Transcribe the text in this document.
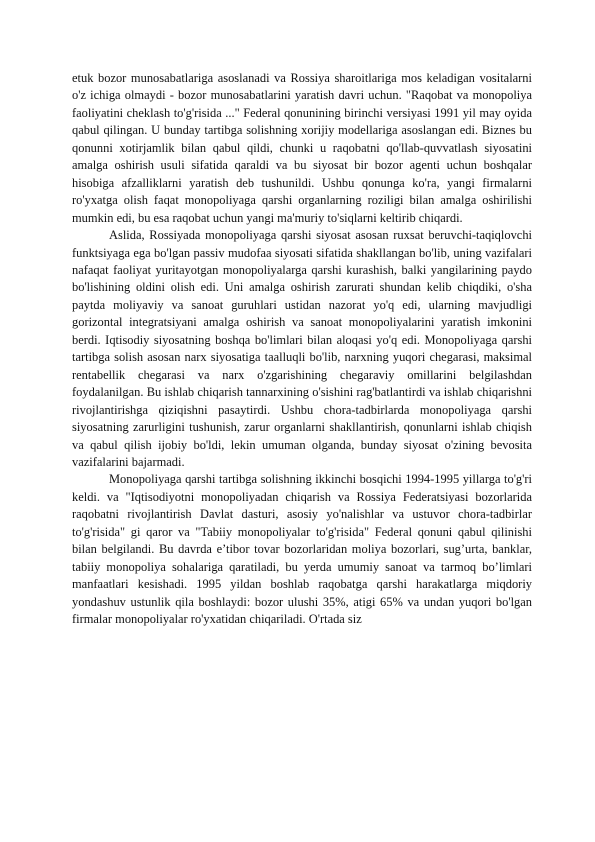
etuk bozor munosabatlariga asoslanadi va Rossiya sharoitlariga mos keladigan vositalarni o'z ichiga olmaydi - bozor munosabatlarini yaratish davri uchun. "Raqobat va monopoliya faoliyatini cheklash to'g'risida ..." Federal qonunining birinchi versiyasi 1991 yil may oyida qabul qilingan. U bunday tartibga solishning xorijiy modellariga asoslangan edi. Biznes bu qonunni xotirjamlik bilan qabul qildi, chunki u raqobatni qo'llab-quvvatlash siyosatini amalga oshirish usuli sifatida qaraldi va bu siyosat bir bozor agenti uchun boshqalar hisobiga afzalliklarni yaratish deb tushunildi. Ushbu qonunga ko'ra, yangi firmalarni ro'yxatga olish faqat monopoliyaga qarshi organlarning roziligi bilan amalga oshirilishi mumkin edi, bu esa raqobat uchun yangi ma'muriy to'siqlarni keltirib chiqardi.

Aslida, Rossiyada monopoliyaga qarshi siyosat asosan ruxsat beruvchi-taqiqlovchi funktsiyaga ega bo'lgan passiv mudofaa siyosati sifatida shakllangan bo'lib, uning vazifalari nafaqat faoliyat yuritayotgan monopoliyalarga qarshi kurashish, balki yangilarining paydo bo'lishining oldini olish edi. Uni amalga oshirish zarurati shundan kelib chiqdiki, o'sha paytda moliyaviy va sanoat guruhlari ustidan nazorat yo'q edi, ularning mavjudligi gorizontal integratsiyani amalga oshirish va sanoat monopoliyalarini yaratish imkonini berdi. Iqtisodiy siyosatning boshqa bo'limlari bilan aloqasi yo'q edi. Monopoliyaga qarshi tartibga solish asosan narx siyosatiga taalluqli bo'lib, narxning yuqori chegarasi, maksimal rentabellik chegarasi va narx o'zgarishining chegaraviy omillarini belgilashdan foydalanilgan. Bu ishlab chiqarish tannarxining o'sishini rag'batlantirdi va ishlab chiqarishni rivojlantirishga qiziqishni pasaytirdi. Ushbu chora-tadbirlarda monopoliyaga qarshi siyosatning zarurligini tushunish, zarur organlarni shakllantirish, qonunlarni ishlab chiqish va qabul qilish ijobiy bo'ldi, lekin umuman olganda, bunday siyosat o'zining bevosita vazifalarini bajarmadi.

Monopoliyaga qarshi tartibga solishning ikkinchi bosqichi 1994-1995 yillarga to'g'ri keldi. va "Iqtisodiyotni monopoliyadan chiqarish va Rossiya Federatsiyasi bozorlarida raqobatni rivojlantirish Davlat dasturi, asosiy yo'nalishlar va ustuvor chora-tadbirlar to'g'risida" gi qaror va "Tabiiy monopoliyalar to'g'risida" Federal qonuni qabul qilinishi bilan belgilandi. Bu davrda e’tibor tovar bozorlaridan moliya bozorlari, sug’urta, banklar, tabiiy monopoliya sohalariga qaratiladi, bu yerda umumiy sanoat va tarmoq bo’limlari manfaatlari kesishadi. 1995 yildan boshlab raqobatga qarshi harakatlarga miqdoriy yondashuv ustunlik qila boshlaydi: bozor ulushi 35%, atigi 65% va undan yuqori bo'lgan firmalar monopoliyalar ro'yxatidan chiqariladi. O'rtada siz
